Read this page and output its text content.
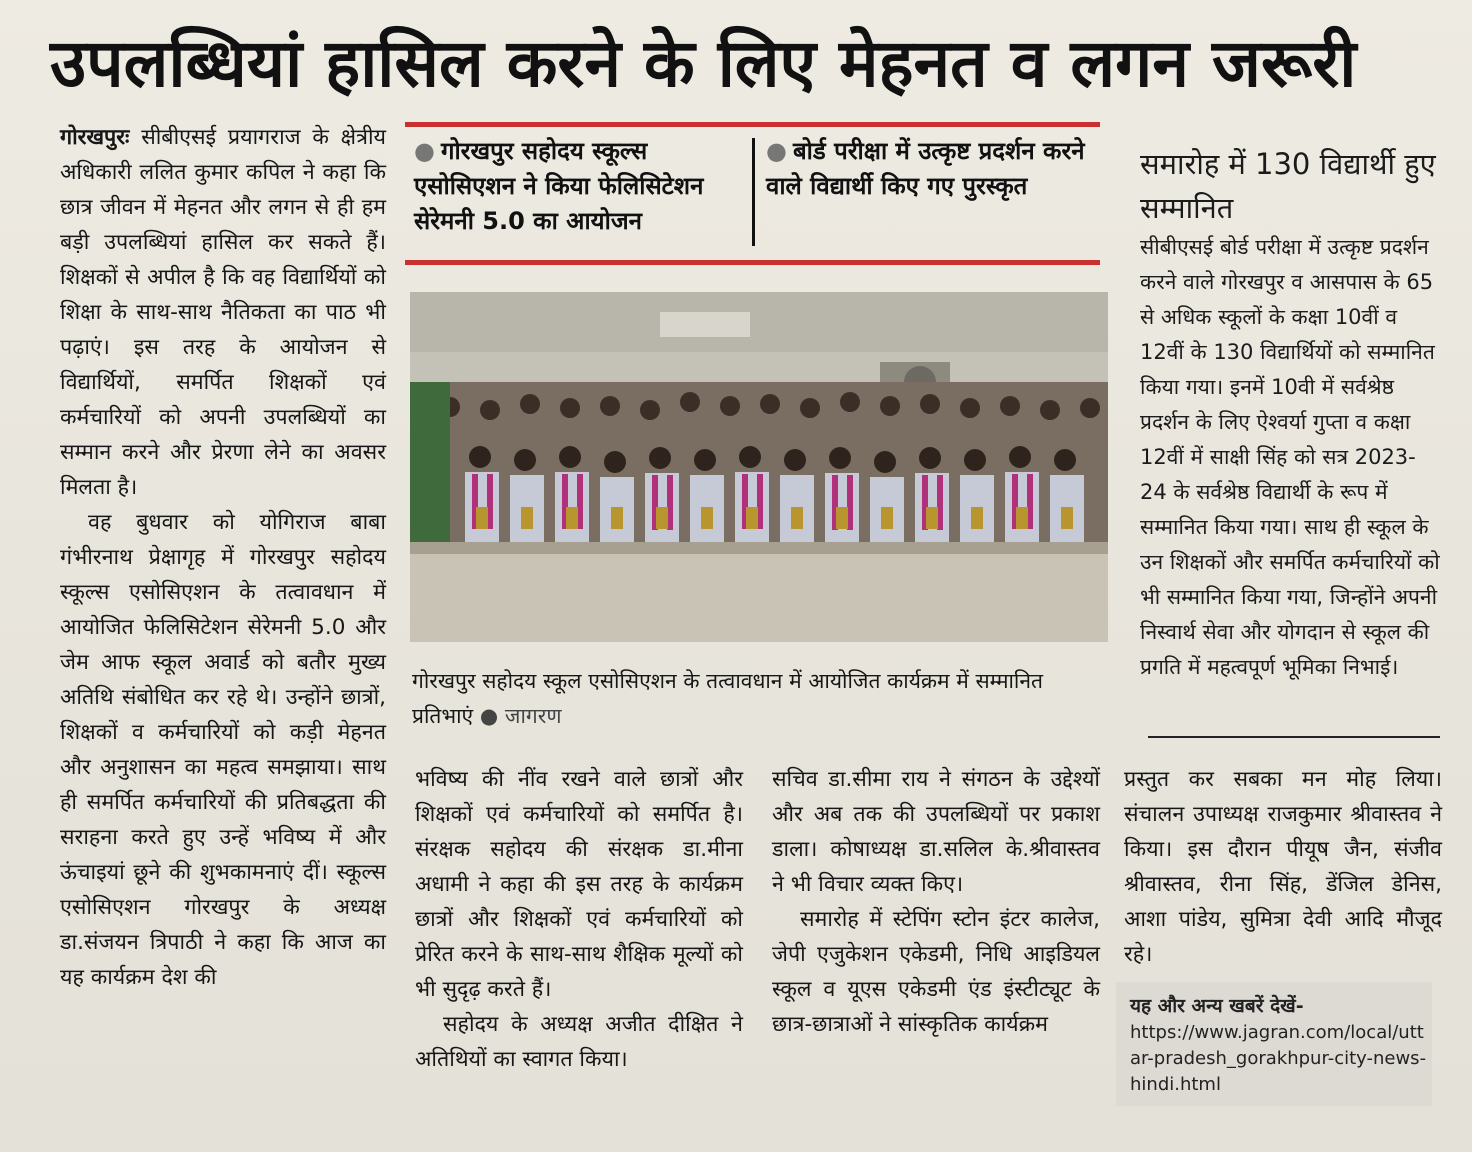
उपलब्धियां हासिल करने के लिए मेहनत व लगन जरूरी

गोरखपुरः सीबीएसई प्रयागराज के क्षेत्रीय अधिकारी ललित कुमार कपिल ने कहा कि छात्र जीवन में मेहनत और लगन से ही हम बड़ी उपलब्धियां हासिल कर सकते हैं। शिक्षकों से अपील है कि वह विद्यार्थियों को शिक्षा के साथ-साथ नैतिकता का पाठ भी पढ़ाएं। इस तरह के आयोजन से विद्यार्थियों, समर्पित शिक्षकों एवं कर्मचारियों को अपनी उपलब्धियों का सम्मान करने और प्रेरणा लेने का अवसर मिलता है।

वह बुधवार को योगिराज बाबा गंभीरनाथ प्रेक्षागृह में गोरखपुर सहोदय स्कूल्स एसोसिएशन के तत्वावधान में आयोजित फेलिसिटेशन सेरेमनी 5.0 और जेम आफ स्कूल अवार्ड को बतौर मुख्य अतिथि संबोधित कर रहे थे। उन्होंने छात्रों, शिक्षकों व कर्मचारियों को कड़ी मेहनत और अनुशासन का महत्व समझाया। साथ ही समर्पित कर्मचारियों की प्रतिबद्धता की सराहना करते हुए उन्हें भविष्य में और ऊंचाइयां छूने की शुभकामनाएं दीं। स्कूल्स एसोसिएशन गोरखपुर के अध्यक्ष डा.संजयन त्रिपाठी ने कहा कि आज का यह कार्यक्रम देश की

● गोरखपुर सहोदय स्कूल्स एसोसिएशन ने किया फेलिसिटेशन सेरेमनी 5.0 का आयोजन
● बोर्ड परीक्षा में उत्कृष्ट प्रदर्शन करने वाले विद्यार्थी किए गए पुरस्कृत
गोरखपुर सहोदय स्कूल एसोसिएशन के तत्वावधान में आयोजित कार्यक्रम में सम्मानित प्रतिभाएं ● जागरण

भविष्य की नींव रखने वाले छात्रों और शिक्षकों एवं कर्मचारियों को समर्पित है। संरक्षक सहोदय की संरक्षक डा.मीना अधामी ने कहा की इस तरह के कार्यक्रम छात्रों और शिक्षकों एवं कर्मचारियों को प्रेरित करने के साथ-साथ शैक्षिक मूल्यों को भी सुदृढ़ करते हैं।

सहोदय के अध्यक्ष अजीत दीक्षित ने अतिथियों का स्वागत किया।

सचिव डा.सीमा राय ने संगठन के उद्देश्यों और अब तक की उपलब्धियों पर प्रकाश डाला। कोषाध्यक्ष डा.सलिल के.श्रीवास्तव ने भी विचार व्यक्त किए।

समारोह में स्टेपिंग स्टोन इंटर कालेज, जेपी एजुकेशन एकेडमी, निधि आइडियल स्कूल व यूएस एकेडमी एंड इंस्टीट्यूट के छात्र-छात्राओं ने सांस्कृतिक कार्यक्रम

प्रस्तुत कर सबका मन मोह लिया। संचालन उपाध्यक्ष राजकुमार श्रीवास्तव ने किया। इस दौरान पीयूष जैन, संजीव श्रीवास्तव, रीना सिंह, डेंजिल डेनिस, आशा पांडेय, सुमित्रा देवी आदि मौजूद रहे।

समारोह में 130 विद्यार्थी हुए सम्मानित
सीबीएसई बोर्ड परीक्षा में उत्कृष्ट प्रदर्शन करने वाले गोरखपुर व आसपास के 65 से अधिक स्कूलों के कक्षा 10वीं व 12वीं के 130 विद्यार्थियों को सम्मानित किया गया। इनमें 10वी में सर्वश्रेष्ठ प्रदर्शन के लिए ऐश्वर्या गुप्ता व कक्षा 12वीं में साक्षी सिंह को सत्र 2023-24 के सर्वश्रेष्ठ विद्यार्थी के रूप में सम्मानित किया गया। साथ ही स्कूल के उन शिक्षकों और समर्पित कर्मचारियों को भी सम्मानित किया गया, जिन्होंने अपनी निस्वार्थ सेवा और योगदान से स्कूल की प्रगति में महत्वपूर्ण भूमिका निभाई।
यह और अन्य खबरें देखें-
https://www.jagran.com/local/uttar-pradesh_gorakhpur-city-news-hindi.html
